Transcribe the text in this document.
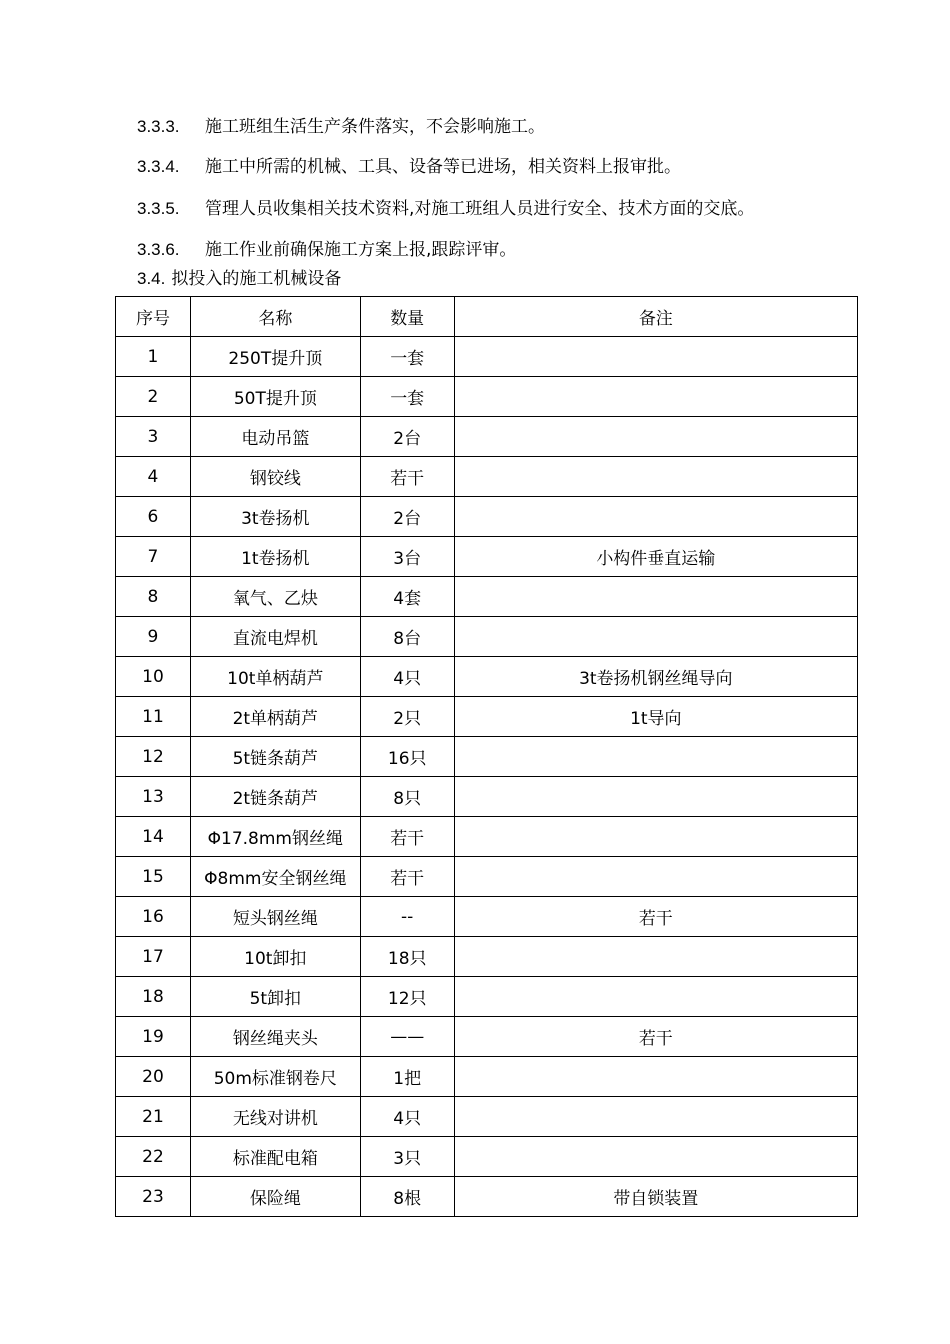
3.3.3. 施工班组生活生产条件落实，不会影响施工。
3.3.4. 施工中所需的机械、工具、设备等已进场，相关资料上报审批。
3.3.5. 管理人员收集相关技术资料,对施工班组人员进行安全、技术方面的交底。
3.3.6. 施工作业前确保施工方案上报,跟踪评审。
3.4. 拟投入的施工机械设备
序号	名称	数量	备注
1	250T提升顶	一套	
2	50T提升顶	一套	
3	电动吊篮	2台	
4	钢铰线	若干	
6	3t卷扬机	2台	
7	1t卷扬机	3台	小构件垂直运输
8	氧气、乙炔	4套	
9	直流电焊机	8台	
10	10t单柄葫芦	4只	3t卷扬机钢丝绳导向
11	2t单柄葫芦	2只	1t导向
12	5t链条葫芦	16只	
13	2t链条葫芦	8只	
14	Φ17.8mm钢丝绳	若干	
15	Φ8mm安全钢丝绳	若干	
16	短头钢丝绳	--	若干
17	10t卸扣	18只	
18	5t卸扣	12只	
19	钢丝绳夹头	——	若干
20	50m标准钢卷尺	1把	
21	无线对讲机	4只	
22	标准配电箱	3只	
23	保险绳	8根	带自锁装置
